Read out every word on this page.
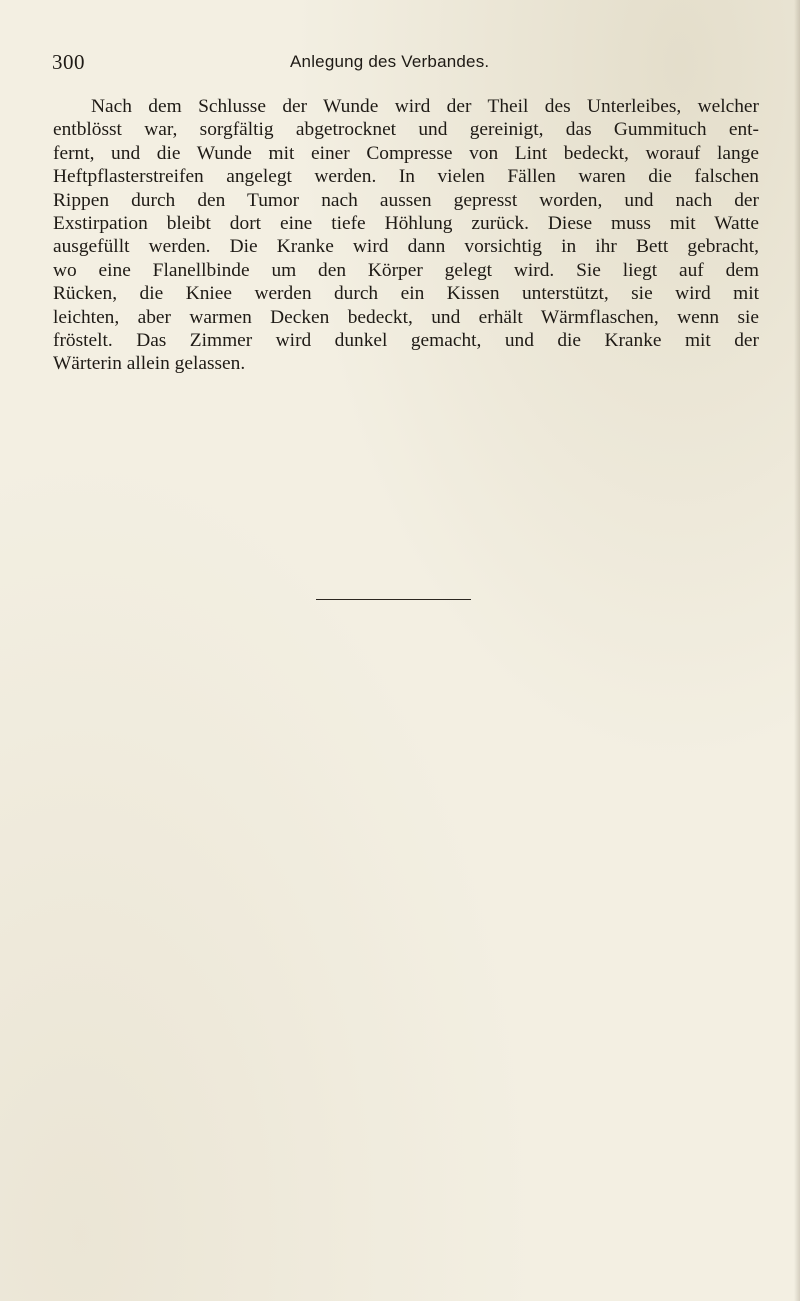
300	Anlegung des Verbandes.
Nach dem Schlusse der Wunde wird der Theil des Unterleibes, welcher
entblösst war, sorgfältig abgetrocknet und gereinigt, das Gummituch ent-
fernt, und die Wunde mit einer Compresse von Lint bedeckt, worauf lange
Heftpflasterstreifen angelegt werden. In vielen Fällen waren die falschen
Rippen durch den Tumor nach aussen gepresst worden, und nach der
Exstirpation bleibt dort eine tiefe Höhlung zurück. Diese muss mit Watte
ausgefüllt werden. Die Kranke wird dann vorsichtig in ihr Bett gebracht,
wo eine Flanellbinde um den Körper gelegt wird. Sie liegt auf dem
Rücken, die Kniee werden durch ein Kissen unterstützt, sie wird mit
leichten, aber warmen Decken bedeckt, und erhält Wärmflaschen, wenn sie
fröstelt. Das Zimmer wird dunkel gemacht, und die Kranke mit der
Wärterin allein gelassen.
